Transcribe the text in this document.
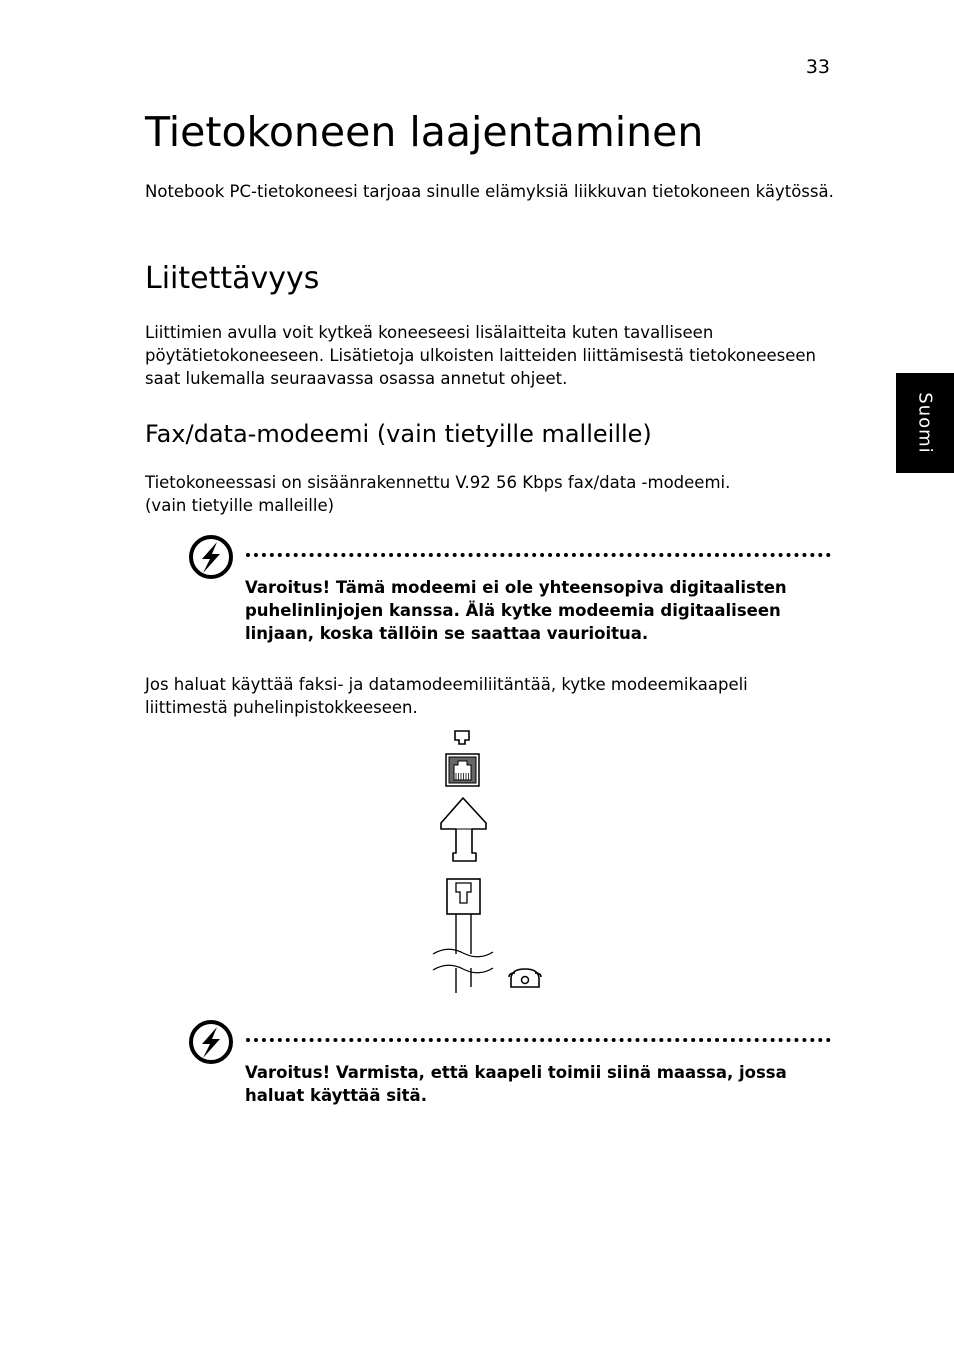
33
Suomi
Tietokoneen laajentaminen

Notebook PC-tietokoneesi tarjoaa sinulle elämyksiä liikkuvan tietokoneen käytössä.

Liitettävyys

Liittimien avulla voit kytkeä koneeseesi lisälaitteita kuten tavalliseen pöytätietokoneeseen. Lisätietoja ulkoisten laitteiden liittämisestä tietokoneeseen saat lukemalla seuraavassa osassa annetut ohjeet.

Fax/data-modeemi (vain tietyille malleille)

Tietokoneessasi on sisäänrakennettu V.92 56 Kbps fax/data -modeemi.
(vain tietyille malleille)

Varoitus! Tämä modeemi ei ole yhteensopiva digitaalisten puhelinlinjojen kanssa. Älä kytke modeemia digitaaliseen linjaan, koska tällöin se saattaa vaurioitua.

Jos haluat käyttää faksi- ja datamodeemiliitäntää, kytke modeemikaapeli liittimestä puhelinpistokkeeseen.

Varoitus! Varmista, että kaapeli toimii siinä maassa, jossa haluat käyttää sitä.
